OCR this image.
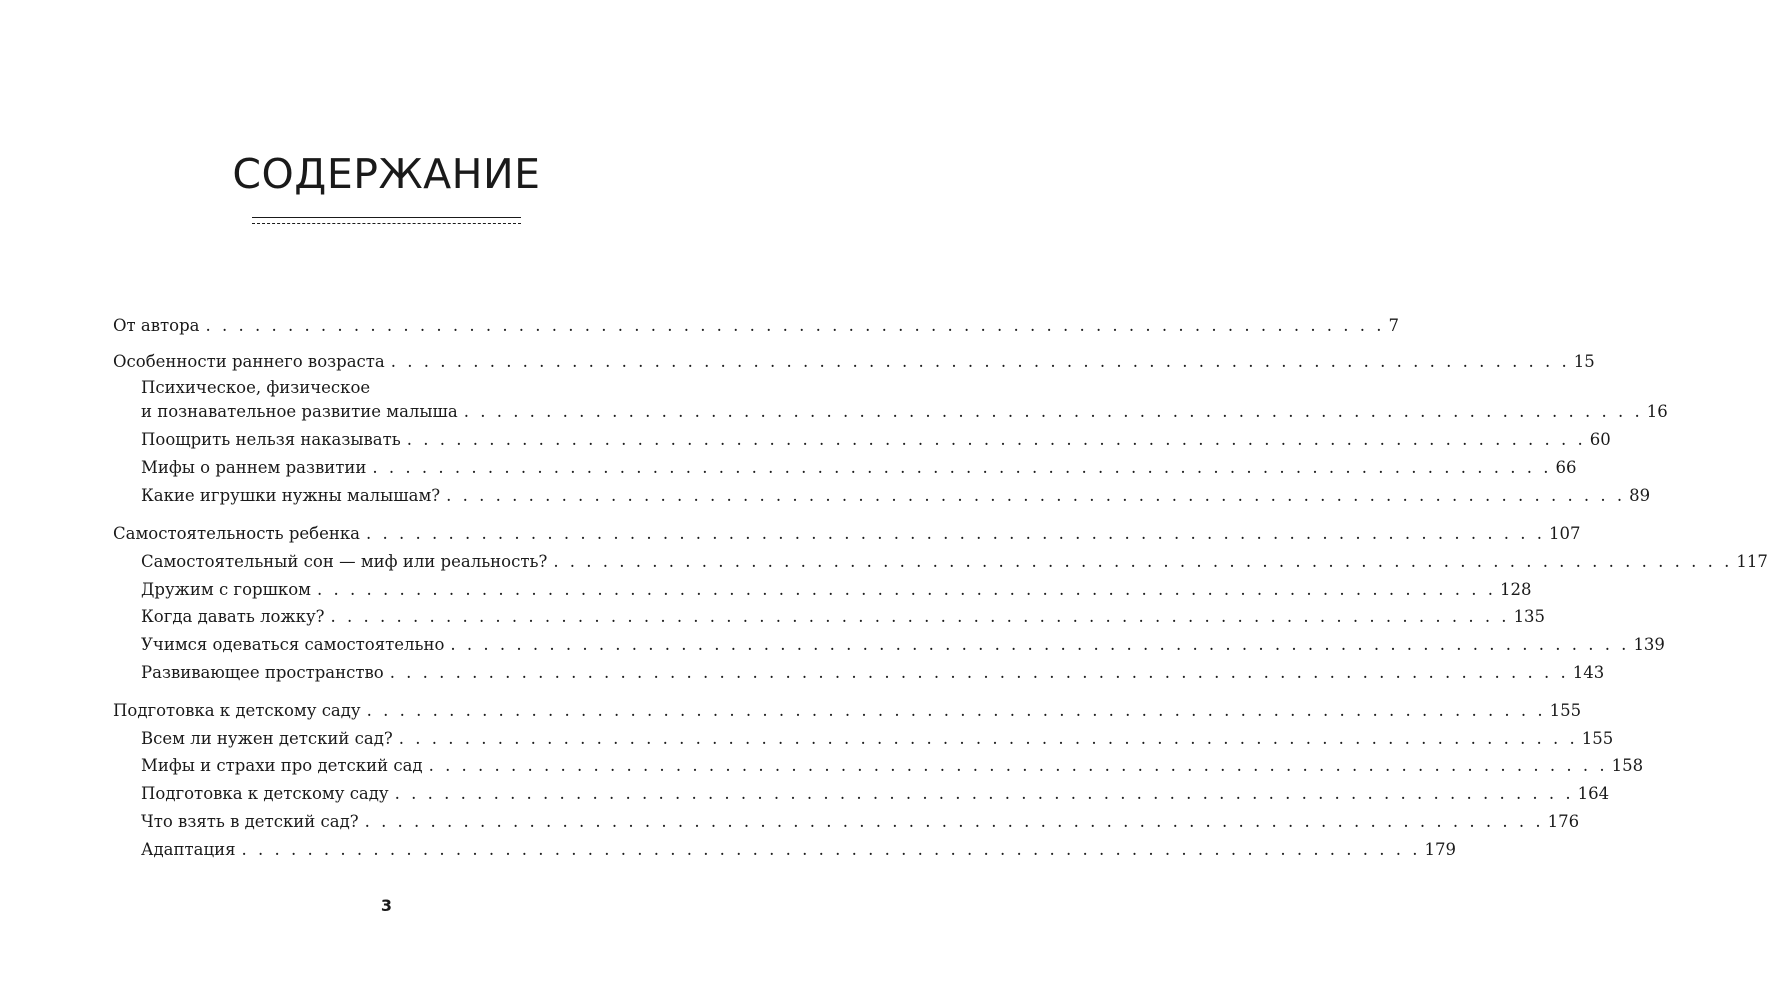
СОДЕРЖАНИЕ
От автора . . . . . . . . . . . . . . . . . . . . . . . . . . . . . . . . . . . . . . . . . . . . . . . . . . . . . . . . . . . . . . . . . . . . . . . . 7
Особенности раннего возраста . . . . . . . . . . . . . . . . . . . . . . . . . . . . . . . . . . . . . . . . . . . . . . . . . . . . . . . . . . . . . . . . . . . . . . . . 15
Психическое, физическое
и познавательное развитие малыша . . . . . . . . . . . . . . . . . . . . . . . . . . . . . . . . . . . . . . . . . . . . . . . . . . . . . . . . . . . . . . . . . . . . . . . . 16
Поощрить нельзя наказывать . . . . . . . . . . . . . . . . . . . . . . . . . . . . . . . . . . . . . . . . . . . . . . . . . . . . . . . . . . . . . . . . . . . . . . . . 60
Мифы о раннем развитии . . . . . . . . . . . . . . . . . . . . . . . . . . . . . . . . . . . . . . . . . . . . . . . . . . . . . . . . . . . . . . . . . . . . . . . . 66
Какие игрушки нужны малышам? . . . . . . . . . . . . . . . . . . . . . . . . . . . . . . . . . . . . . . . . . . . . . . . . . . . . . . . . . . . . . . . . . . . . . . . . 89
Самостоятельность ребенка . . . . . . . . . . . . . . . . . . . . . . . . . . . . . . . . . . . . . . . . . . . . . . . . . . . . . . . . . . . . . . . . . . . . . . . . 107
Самостоятельный сон — миф или реальность? . . . . . . . . . . . . . . . . . . . . . . . . . . . . . . . . . . . . . . . . . . . . . . . . . . . . . . . . . . . . . . . . . . . . . . . . 117
Дружим с горшком . . . . . . . . . . . . . . . . . . . . . . . . . . . . . . . . . . . . . . . . . . . . . . . . . . . . . . . . . . . . . . . . . . . . . . . . 128
Когда давать ложку? . . . . . . . . . . . . . . . . . . . . . . . . . . . . . . . . . . . . . . . . . . . . . . . . . . . . . . . . . . . . . . . . . . . . . . . . 135
Учимся одеваться самостоятельно . . . . . . . . . . . . . . . . . . . . . . . . . . . . . . . . . . . . . . . . . . . . . . . . . . . . . . . . . . . . . . . . . . . . . . . . 139
Развивающее пространство . . . . . . . . . . . . . . . . . . . . . . . . . . . . . . . . . . . . . . . . . . . . . . . . . . . . . . . . . . . . . . . . . . . . . . . . 143
Подготовка к детскому саду . . . . . . . . . . . . . . . . . . . . . . . . . . . . . . . . . . . . . . . . . . . . . . . . . . . . . . . . . . . . . . . . . . . . . . . . 155
Всем ли нужен детский сад? . . . . . . . . . . . . . . . . . . . . . . . . . . . . . . . . . . . . . . . . . . . . . . . . . . . . . . . . . . . . . . . . . . . . . . . . 155
Мифы и страхи про детский сад . . . . . . . . . . . . . . . . . . . . . . . . . . . . . . . . . . . . . . . . . . . . . . . . . . . . . . . . . . . . . . . . . . . . . . . . 158
Подготовка к детскому саду . . . . . . . . . . . . . . . . . . . . . . . . . . . . . . . . . . . . . . . . . . . . . . . . . . . . . . . . . . . . . . . . . . . . . . . . 164
Что взять в детский сад? . . . . . . . . . . . . . . . . . . . . . . . . . . . . . . . . . . . . . . . . . . . . . . . . . . . . . . . . . . . . . . . . . . . . . . . . 176
Адаптация . . . . . . . . . . . . . . . . . . . . . . . . . . . . . . . . . . . . . . . . . . . . . . . . . . . . . . . . . . . . . . . . . . . . . . . . 179
3
